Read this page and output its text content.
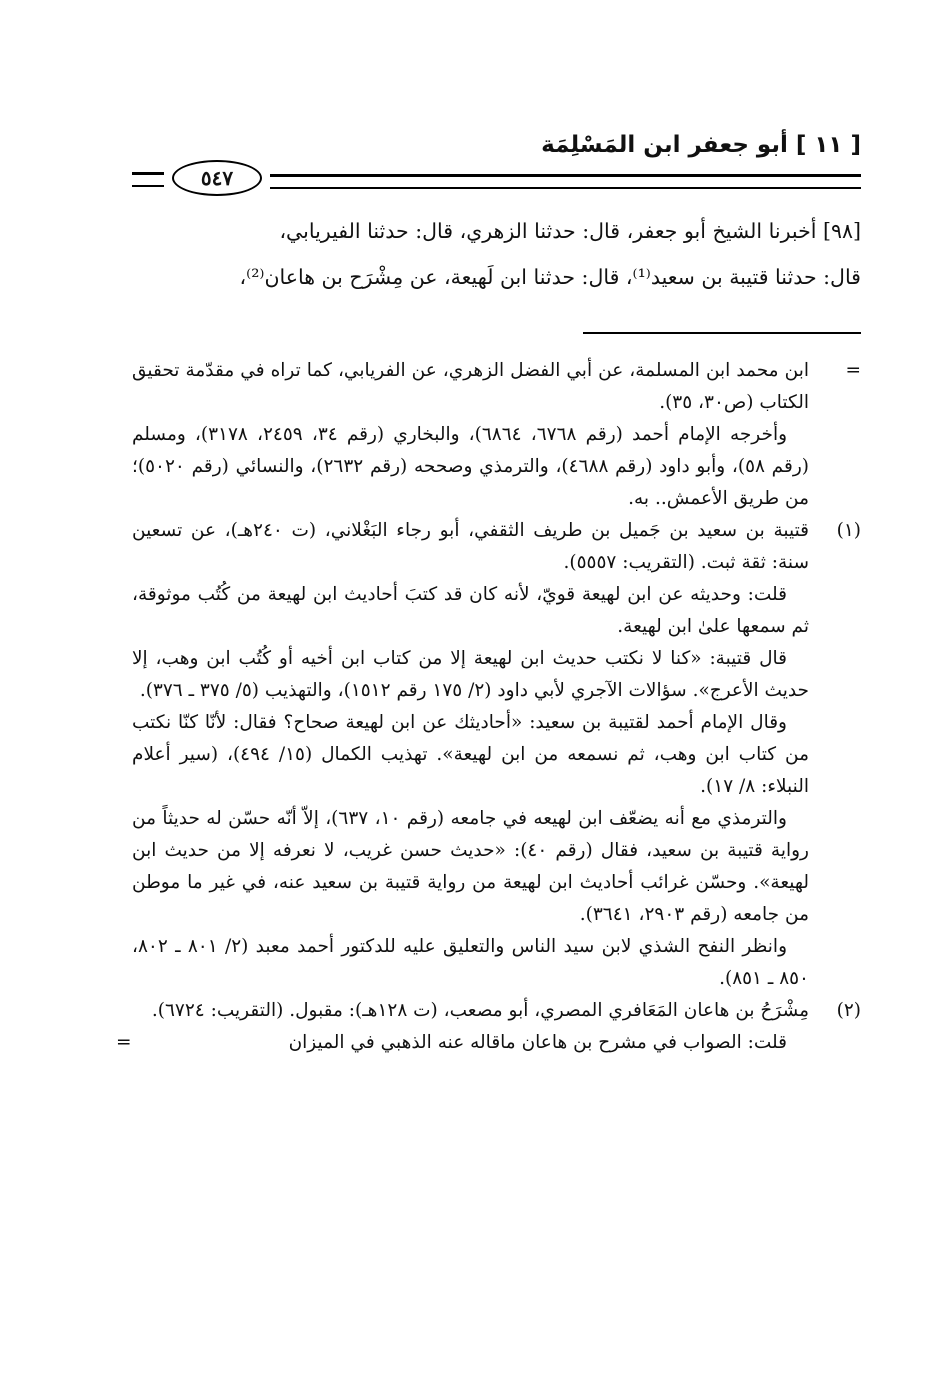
[ ١١ ] أبو جعفر ابن المَسْلِمَة
٥٤٧

[٩٨] أخبرنا الشيخ أبو جعفر، قال: حدثنا الزهري، قال: حدثنا الفيريابي،

قال: حدثنا قتيبة بن سعيد⁽¹⁾، قال: حدثنا ابن لَهيعة، عن مِشْرَح بن هاعان⁽²⁾،

=

ابن محمد ابن المسلمة، عن أبي الفضل الزهري، عن الفريابي، كما تراه في مقدّمة تحقيق الكتاب (ص٣٠، ٣٥).

وأخرجه الإمام أحمد (رقم ٦٧٦٨، ٦٨٦٤)، والبخاري (رقم ٣٤، ٢٤٥٩، ٣١٧٨)، ومسلم (رقم ٥٨)، وأبو داود (رقم ٤٦٨٨)، والترمذي وصححه (رقم ٢٦٣٢)، والنسائي (رقم ٥٠٢٠)؛ من طريق الأعمش.. به.

(١)

قتيبة بن سعيد بن جَميل بن طريف الثقفي، أبو رجاء البَغْلاني، (ت ٢٤٠هـ)، عن تسعين سنة: ثقة ثبت. (التقريب: ٥٥٥٧).

قلت: وحديثه عن ابن لهيعة قويّ، لأنه كان قد كتبَ أحاديث ابن لهيعة من كُتُب موثوقة، ثم سمعها علىٰ ابن لهيعة.

قال قتيبة: «كنا لا نكتب حديث ابن لهيعة إلا من كتاب ابن أخيه أو كُتُب ابن وهب، إلا حديث الأعرج». سؤالات الآجري لأبي داود (٢/ ١٧٥ رقم ١٥١٢)، والتهذيب (٥/ ٣٧٥ ـ ٣٧٦).

وقال الإمام أحمد لقتيبة بن سعيد: «أحاديثك عن ابن لهيعة صحاح؟ فقال: لأنّا كنّا نكتب من كتاب ابن وهب، ثم نسمعه من ابن لهيعة». تهذيب الكمال (١٥/ ٤٩٤)، (سير أعلام النبلاء: ٨/ ١٧).

والترمذي مع أنه يضعّف ابن لهيعه في جامعه (رقم ١٠، ٦٣٧)، إلاّ أنّه حسّن له حديثاً من رواية قتيبة بن سعيد، فقال (رقم ٤٠): «حديث حسن غريب، لا نعرفه إلا من حديث ابن لهيعة». وحسّن غرائب أحاديث ابن لهيعة من رواية قتيبة بن سعيد عنه، في غير ما موطن من جامعه (رقم ٢٩٠٣، ٣٦٤١).

وانظر النفح الشذي لابن سيد الناس والتعليق عليه للدكتور أحمد معبد (٢/ ٨٠١ ـ ٨٠٢، ٨٥٠ ـ ٨٥١).

(٢)

مِشْرَحُ بن هاعان المَعَافري المصري، أبو مصعب، (ت ١٢٨هـ): مقبول. (التقريب: ٦٧٢٤).

قلت: الصواب في مشرح بن هاعان ماقاله عنه الذهبي في الميزان

=
